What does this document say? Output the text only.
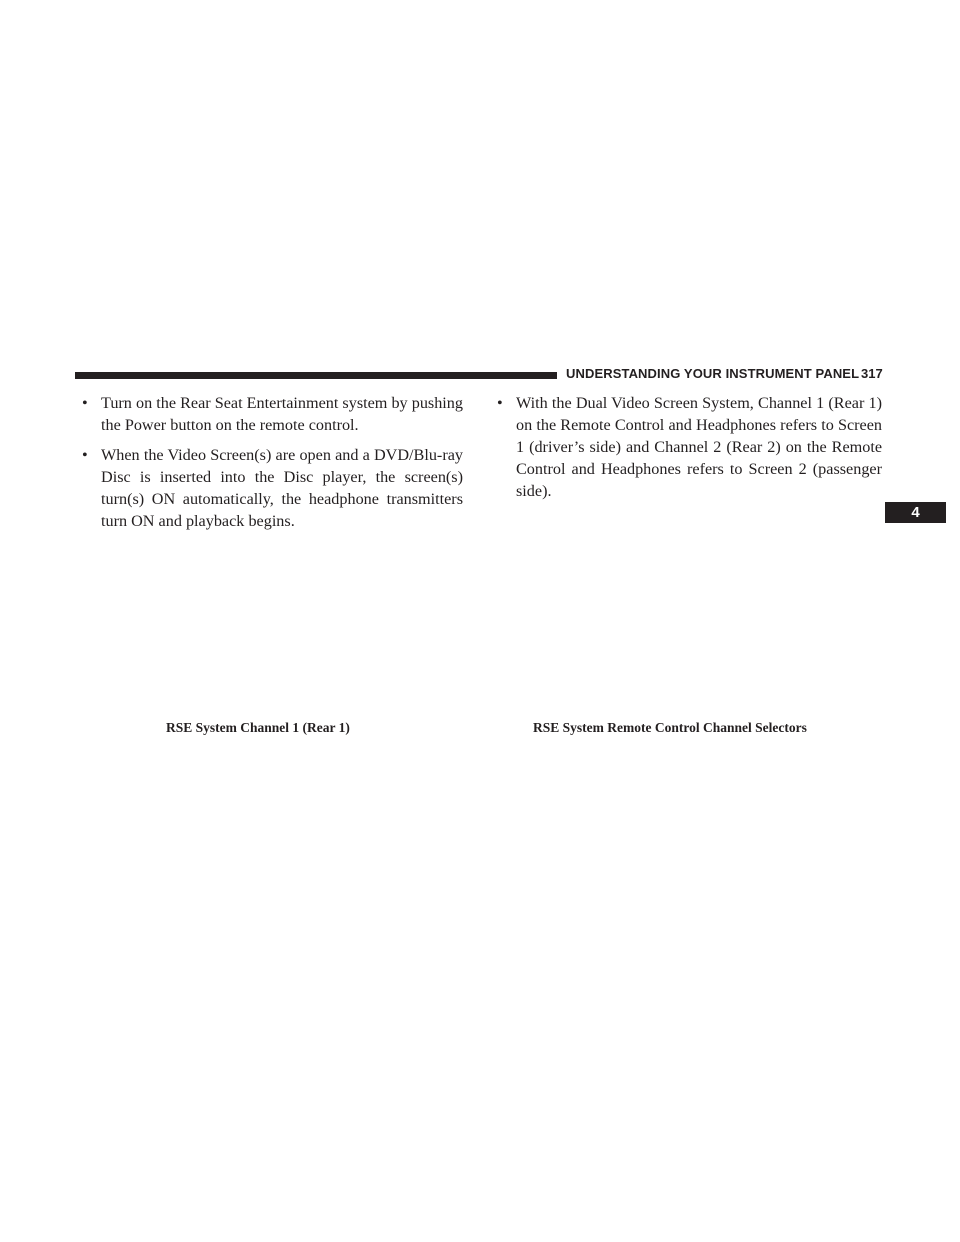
UNDERSTANDING YOUR INSTRUMENT PANEL 317
4
• Turn on the Rear Seat Entertainment system by pushing the Power button on the remote control.
• When the Video Screen(s) are open and a DVD/Blu-ray Disc is inserted into the Disc player, the screen(s) turn(s) ON automatically, the headphone transmitters turn ON and playback begins.
• With the Dual Video Screen System, Channel 1 (Rear 1) on the Remote Control and Headphones refers to Screen 1 (driver’s side) and Channel 2 (Rear 2) on the Remote Control and Headphones refers to Screen 2 (passenger side).
RSE System Channel 1 (Rear 1)	RSE System Remote Control Channel Selectors
